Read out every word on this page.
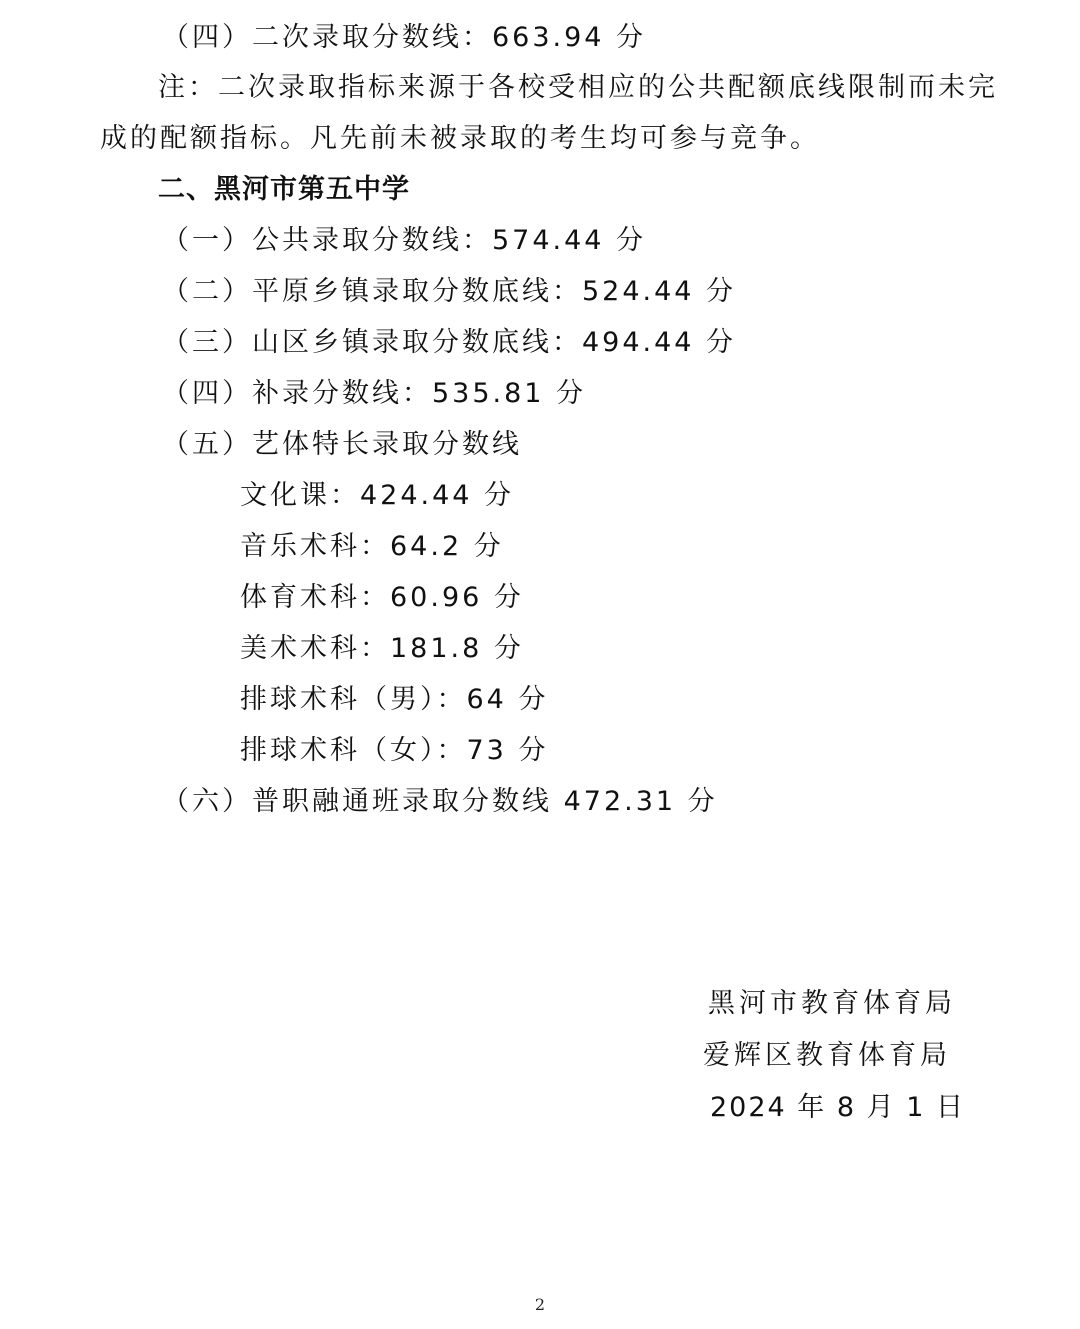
（四）二次录取分数线：663.94 分
注：二次录取指标来源于各校受相应的公共配额底线限制而未完
成的配额指标。凡先前未被录取的考生均可参与竞争。
二、黑河市第五中学
（一）公共录取分数线：574.44 分
（二）平原乡镇录取分数底线：524.44 分
（三）山区乡镇录取分数底线：494.44 分
（四）补录分数线：535.81 分
（五）艺体特长录取分数线
文化课：424.44 分
音乐术科：64.2 分
体育术科：60.96 分
美术术科：181.8 分
排球术科（男）：64 分
排球术科（女）：73 分
（六）普职融通班录取分数线 472.31 分
黑河市教育体育局
爱辉区教育体育局
2024 年 8 月 1 日
2
